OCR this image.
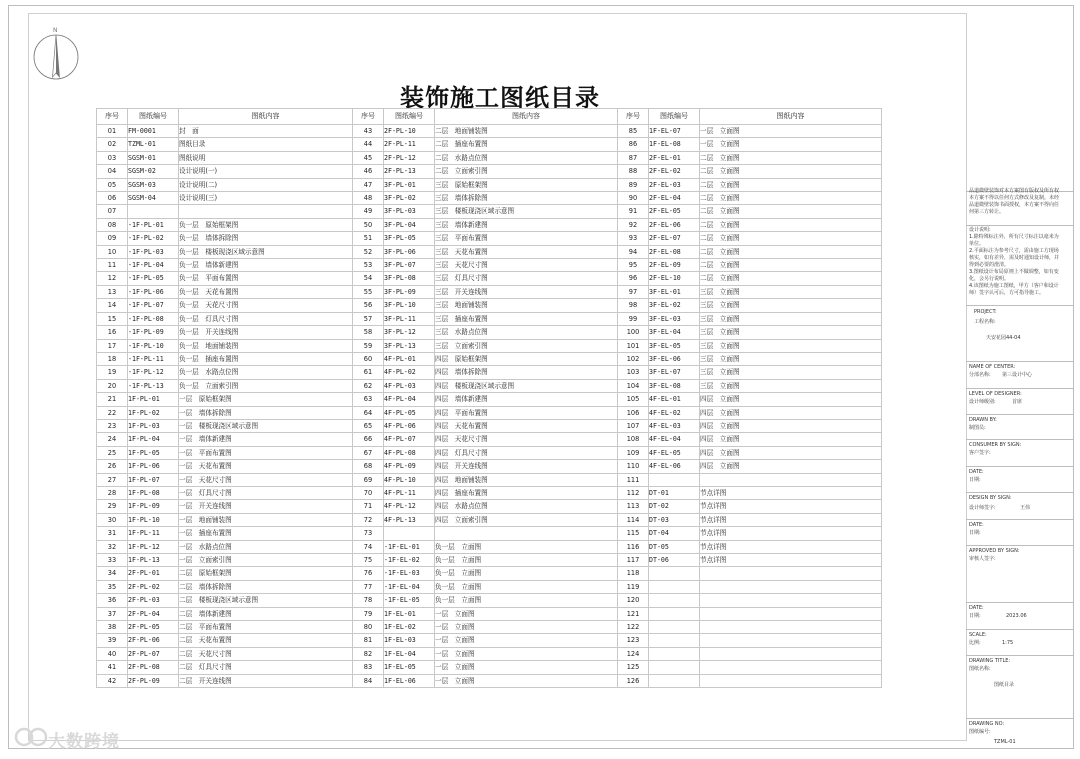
N
装饰施工图纸目录
序号	图纸编号	图纸内容	序号	图纸编号	图纸内容	序号	图纸编号	图纸内容
01	FM-0001	封　面	43	2F-PL-10	二层　地面铺装图	85	1F-EL-07	一层　立面图
02	TZML-01	图纸目录	44	2F-PL-11	二层　插座布置图	86	1F-EL-08	一层　立面图
03	SGSM-01	图纸说明	45	2F-PL-12	二层　水路点位图	87	2F-EL-01	二层　立面图
04	SGSM-02	设计说明(一)	46	2F-PL-13	二层　立面索引图	88	2F-EL-02	二层　立面图
05	SGSM-03	设计说明(二)	47	3F-PL-01	三层　原始框架图	89	2F-EL-03	二层　立面图
06	SGSM-04	设计说明(三)	48	3F-PL-02	三层　墙体拆除图	90	2F-EL-04	二层　立面图
07			49	3F-PL-03	三层　楼板现浇区域示意图	91	2F-EL-05	二层　立面图
08	-1F-PL-01	负一层　原始框架图	50	3F-PL-04	三层　墙体新建图	92	2F-EL-06	二层　立面图
09	-1F-PL-02	负一层　墙体拆除图	51	3F-PL-05	三层　平面布置图	93	2F-EL-07	二层　立面图
10	-1F-PL-03	负一层　楼板现浇区域示意图	52	3F-PL-06	三层　天花布置图	94	2F-EL-08	二层　立面图
11	-1F-PL-04	负一层　墙体新建图	53	3F-PL-07	三层　天花尺寸图	95	2F-EL-09	二层　立面图
12	-1F-PL-05	负一层　平面布置图	54	3F-PL-08	三层　灯具尺寸图	96	2F-EL-10	二层　立面图
13	-1F-PL-06	负一层　天花布置图	55	3F-PL-09	三层　开关连线图	97	3F-EL-01	三层　立面图
14	-1F-PL-07	负一层　天花尺寸图	56	3F-PL-10	三层　地面铺装图	98	3F-EL-02	三层　立面图
15	-1F-PL-08	负一层　灯具尺寸图	57	3F-PL-11	三层　插座布置图	99	3F-EL-03	三层　立面图
16	-1F-PL-09	负一层　开关连线图	58	3F-PL-12	三层　水路点位图	100	3F-EL-04	三层　立面图
17	-1F-PL-10	负一层　地面铺装图	59	3F-PL-13	三层　立面索引图	101	3F-EL-05	三层　立面图
18	-1F-PL-11	负一层　插座布置图	60	4F-PL-01	四层　原始框架图	102	3F-EL-06	三层　立面图
19	-1F-PL-12	负一层　水路点位图	61	4F-PL-02	四层　墙体拆除图	103	3F-EL-07	三层　立面图
20	-1F-PL-13	负一层　立面索引图	62	4F-PL-03	四层　楼板现浇区域示意图	104	3F-EL-08	三层　立面图
21	1F-PL-01	一层　原始框架图	63	4F-PL-04	四层　墙体新建图	105	4F-EL-01	四层　立面图
22	1F-PL-02	一层　墙体拆除图	64	4F-PL-05	四层　平面布置图	106	4F-EL-02	四层　立面图
23	1F-PL-03	一层　楼板现浇区域示意图	65	4F-PL-06	四层　天花布置图	107	4F-EL-03	四层　立面图
24	1F-PL-04	一层　墙体新建图	66	4F-PL-07	四层　天花尺寸图	108	4F-EL-04	四层　立面图
25	1F-PL-05	一层　平面布置图	67	4F-PL-08	四层　灯具尺寸图	109	4F-EL-05	四层　立面图
26	1F-PL-06	一层　天花布置图	68	4F-PL-09	四层　开关连线图	110	4F-EL-06	四层　立面图
27	1F-PL-07	一层　天花尺寸图	69	4F-PL-10	四层　地面铺装图	111		
28	1F-PL-08	一层　灯具尺寸图	70	4F-PL-11	四层　插座布置图	112	DT-01	节点详图
29	1F-PL-09	一层　开关连线图	71	4F-PL-12	四层　水路点位图	113	DT-02	节点详图
30	1F-PL-10	一层　地面铺装图	72	4F-PL-13	四层　立面索引图	114	DT-03	节点详图
31	1F-PL-11	一层　插座布置图	73			115	DT-04	节点详图
32	1F-PL-12	一层　水路点位图	74	-1F-EL-01	负一层　立面图	116	DT-05	节点详图
33	1F-PL-13	一层　立面索引图	75	-1F-EL-02	负一层　立面图	117	DT-06	节点详图
34	2F-PL-01	二层　原始框架图	76	-1F-EL-03	负一层　立面图	118		
35	2F-PL-02	二层　墙体拆除图	77	-1F-EL-04	负一层　立面图	119		
36	2F-PL-03	二层　楼板现浇区域示意图	78	-1F-EL-05	负一层　立面图	120		
37	2F-PL-04	二层　墙体新建图	79	1F-EL-01	一层　立面图	121		
38	2F-PL-05	二层　平面布置图	80	1F-EL-02	一层　立面图	122		
39	2F-PL-06	二层　天花布置图	81	1F-EL-03	一层　立面图	123		
40	2F-PL-07	二层　天花尺寸图	82	1F-EL-04	一层　立面图	124		
41	2F-PL-08	二层　灯具尺寸图	83	1F-EL-05	一层　立面图	125		
42	2F-PL-09	二层　开关连线图	84	1F-EL-06	一层　立面图	126		
品道微壁装饰对本方案图有版权及所有权
本方案不得以任何方式修改及复制。未经
品道微壁装饰书面授权，本方案不得向任
何第三方转让。
设计说明:
1.除特殊标注外，所有尺寸标注以毫米为
单位。
2.平面标注为参考尺寸，需由施工方现场
核实，如有差异，需及时通知设计师，并
得到必要的澄清。
3.图纸设计布局原则上不做调整，如有变
化，会另行说明。
4.该图纸为施工图纸，甲方（客户和设计
师）签字认可后，方可指导施工。
PROJECT:
工程名称:
天安花园44-04
NAME OF CENTER:
分部名称: 第三设计中心
LEVEL OF DESIGNER:
设计师级别:	首席
DRAWN BY:
制图员:
CONSUMER BY SIGN:
客户签字:
DATE:
日期:
DESIGN BY SIGN:
设计师签字:	王伟
DATE:
日期:
APPROVED BY SIGN:
审核人签字:
DATE:
日期:	2023.06
SCALE:
比例:	1:75
DRAWING TITLE:
图纸名称:
图纸目录
DRAWING NO:
图纸编号:
TZML-01
大数跨境
